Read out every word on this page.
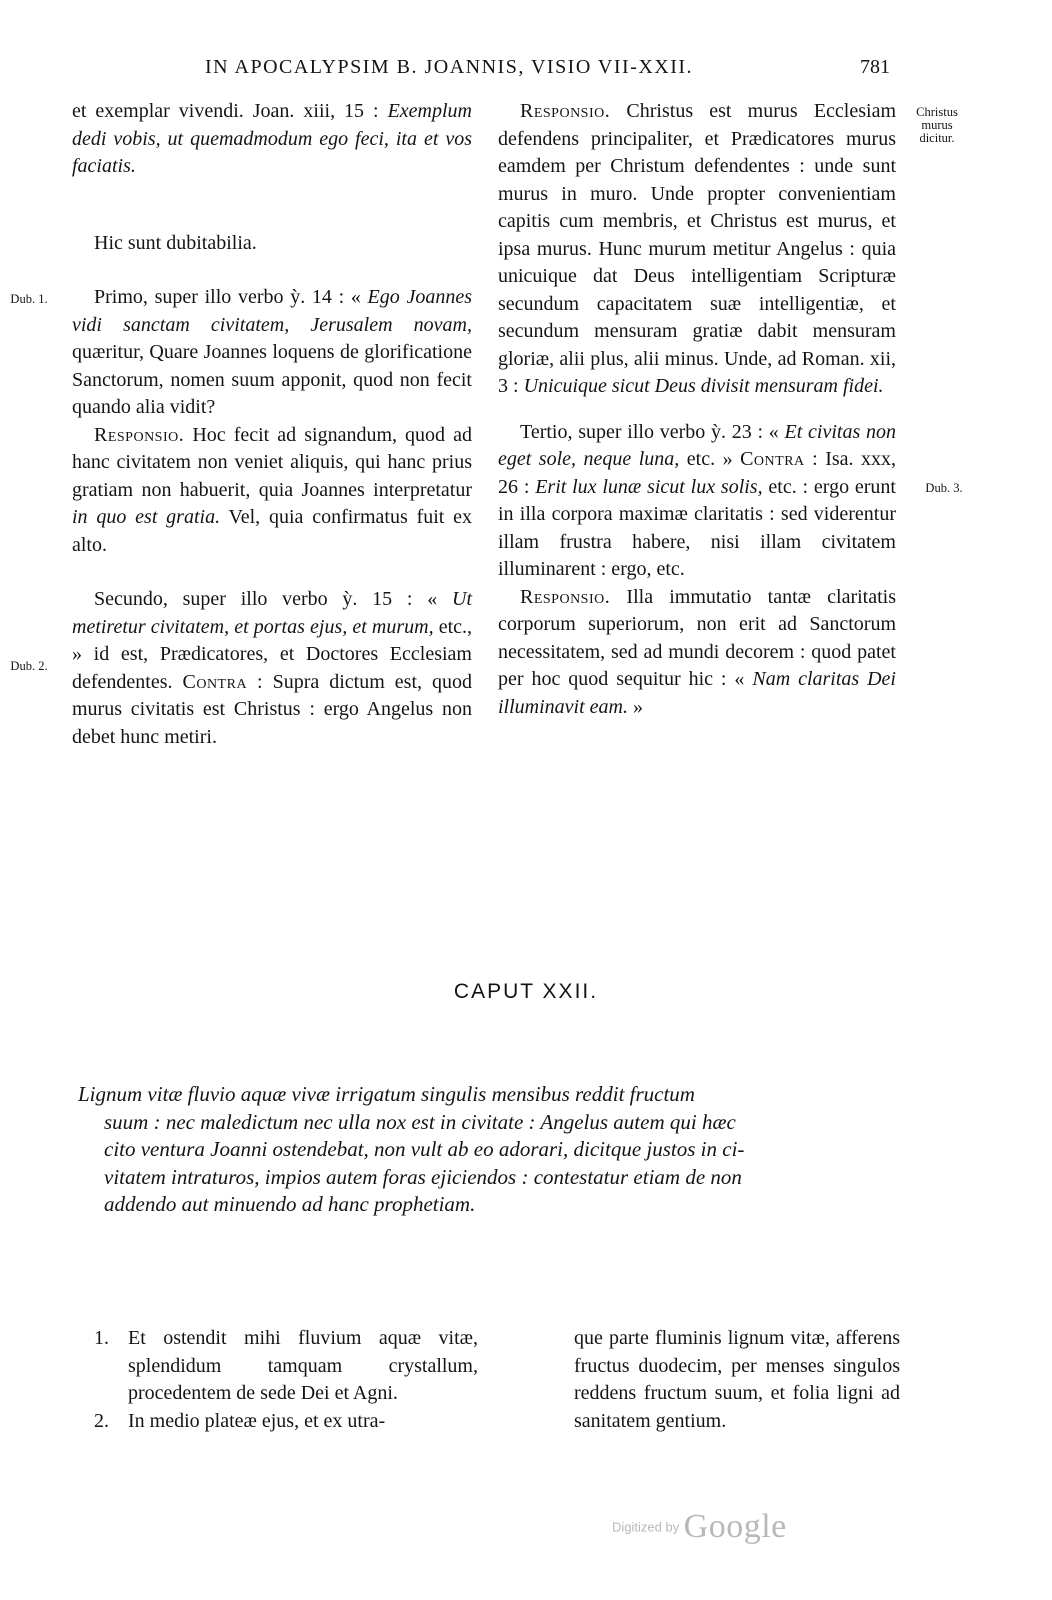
IN APOCALYPSIM B. JOANNIS, VISIO VII-XXII.	781

et exemplar vivendi. Joan. xiii, 15 : Exemplum dedi vobis, ut quemadmodum ego feci, ita et vos faciatis.

Hic sunt dubitabilia.

Primo, super illo verbo ỳ. 14 : « Ego Joannes vidi sanctam civitatem, Jerusalem novam, quæritur, Quare Joannes loquens de glorificatione Sanctorum, nomen suum apponit, quod non fecit quando alia vidit?

Responsio. Hoc fecit ad signandum, quod ad hanc civitatem non veniet aliquis, qui hanc prius gratiam non habuerit, quia Joannes interpretatur in quo est gratia. Vel, quia confirmatus fuit ex alto.

Secundo, super illo verbo ỳ. 15 : « Ut metiretur civitatem, et portas ejus, et murum, etc., » id est, Prædicatores, et Doctores Ecclesiam defendentes. Contra : Supra dictum est, quod murus civitatis est Christus : ergo Angelus non debet hunc metiri.

Responsio. Christus est murus Ecclesiam defendens principaliter, et Prædicatores murus eamdem per Christum defendentes : unde sunt murus in muro. Unde propter convenientiam capitis cum membris, et Christus est murus, et ipsa murus. Hunc murum metitur Angelus : quia unicuique dat Deus intelligentiam Scripturæ secundum capacitatem suæ intelligentiæ, et secundum mensuram gratiæ dabit mensuram gloriæ, alii plus, alii minus. Unde, ad Roman. xii, 3 : Unicuique sicut Deus divisit mensuram fidei.

Tertio, super illo verbo ỳ. 23 : « Et civitas non eget sole, neque luna, etc. » Contra : Isa. xxx, 26 : Erit lux lunæ sicut lux solis, etc. : ergo erunt in illa corpora maximæ claritatis : sed viderentur illam frustra habere, nisi illam civitatem illuminarent : ergo, etc.

Responsio. Illa immutatio tantæ claritatis corporum superiorum, non erit ad Sanctorum necessitatem, sed ad mundi decorem : quod patet per hoc quod sequitur hic : « Nam claritas Dei illuminavit eam. »

Dub. 1.
Dub. 2.
Dub. 3.
Christus
murus
dicitur.
CAPUT XXII.
Lignum vitæ fluvio aquæ vivæ irrigatum singulis mensibus reddit fructum
suum : nec maledictum nec ulla nox est in civitate : Angelus autem qui hæc
cito ventura Joanni ostendebat, non vult ab eo adorari, dicitque justos in ci-
vitatem intraturos, impios autem foras ejiciendos : contestatur etiam de non
addendo aut minuendo ad hanc prophetiam.

1. Et ostendit mihi fluvium aquæ vitæ, splendidum tamquam crystallum, procedentem de sede Dei et Agni.

2. In medio plateæ ejus, et ex utra-

que parte fluminis lignum vitæ, afferens fructus duodecim, per menses singulos reddens fructum suum, et folia ligni ad sanitatem gentium.

Digitized by Google
